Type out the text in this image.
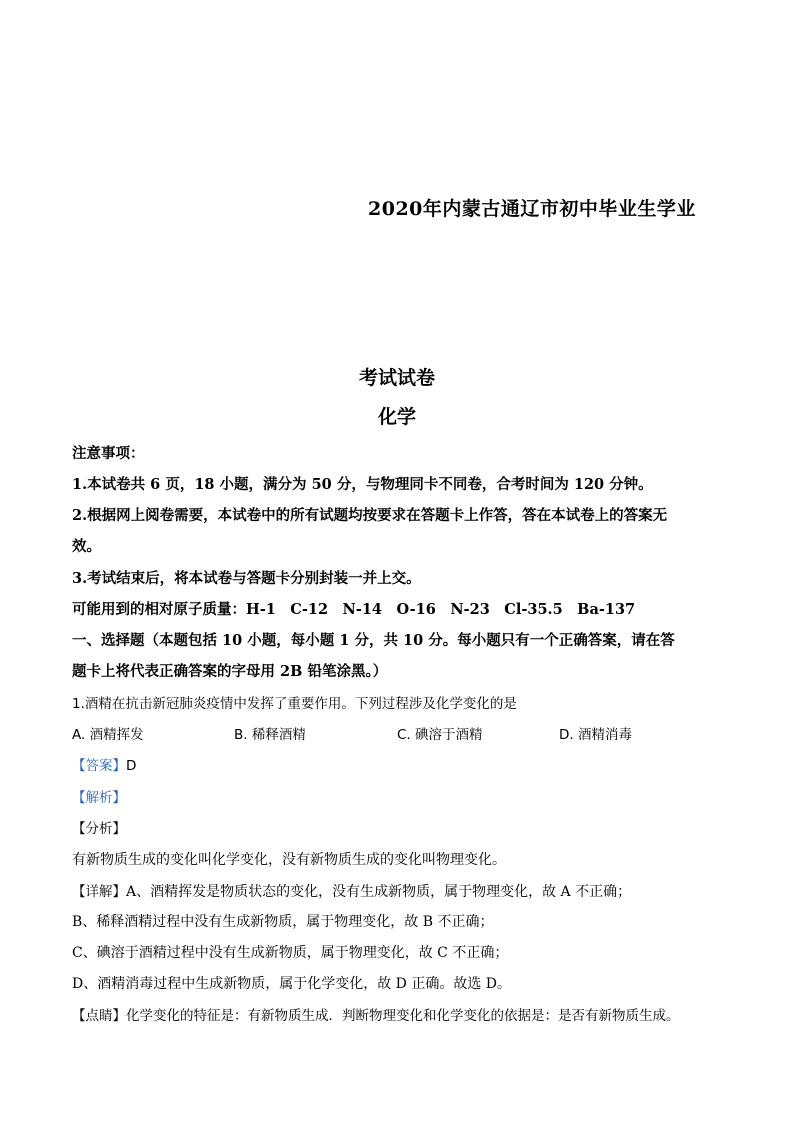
2020年内蒙古通辽市初中毕业生学业
考试试卷
化学
注意事项：
1.本试卷共 6 页，18 小题，满分为 50 分，与物理同卡不同卷，合考时间为 120 分钟。
2.根据网上阅卷需要，本试卷中的所有试题均按要求在答题卡上作答，答在本试卷上的答案无
效。
3.考试结束后，将本试卷与答题卡分别封装一并上交。
可能用到的相对原子质量：H-1　C-12　N-14　O-16　N-23　Cl-35.5　Ba-137
一、选择题（本题包括 10 小题，每小题 1 分，共 10 分。每小题只有一个正确答案，请在答
题卡上将代表正确答案的字母用 2B 铅笔涂黑。）
1.酒精在抗击新冠肺炎疫情中发挥了重要作用。下列过程涉及化学变化的是
A. 酒精挥发	B. 稀释酒精	C. 碘溶于酒精	D. 酒精消毒
【答案】D
【解析】
【分析】
有新物质生成的变化叫化学变化，没有新物质生成的变化叫物理变化。
【详解】A、酒精挥发是物质状态的变化，没有生成新物质，属于物理变化，故 A 不正确；
B、稀释酒精过程中没有生成新物质，属于物理变化，故 B 不正确；
C、碘溶于酒精过程中没有生成新物质，属于物理变化，故 C 不正确；
D、酒精消毒过程中生成新物质，属于化学变化，故 D 正确。故选 D。
【点睛】化学变化的特征是：有新物质生成．判断物理变化和化学变化的依据是：是否有新物质生成。
